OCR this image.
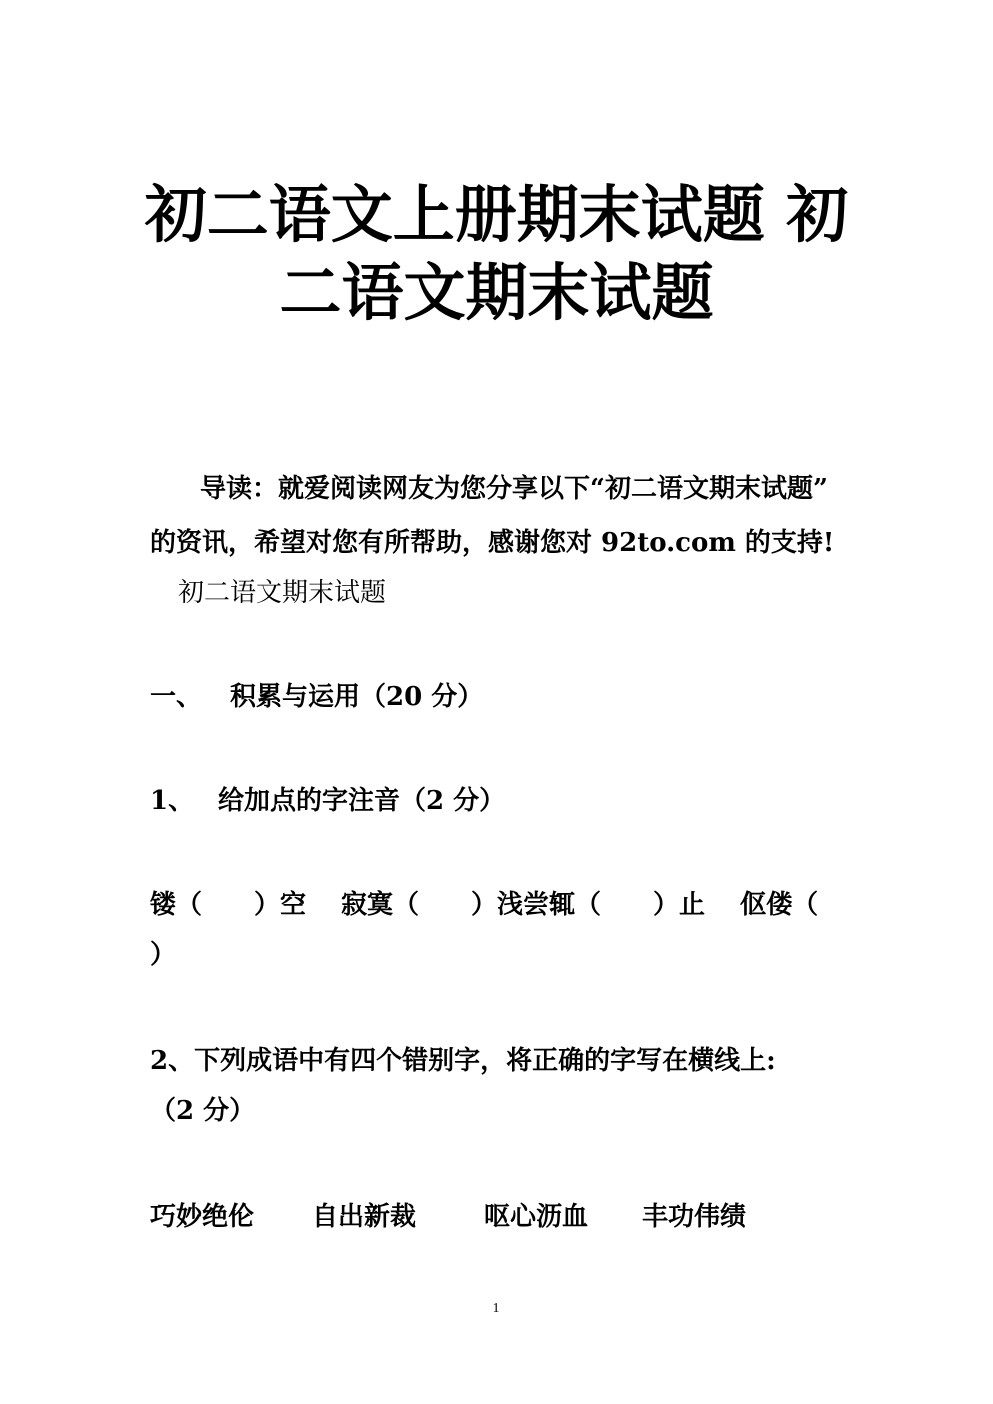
初二语文上册期末试题 初
二语文期末试题
导读：就爱阅读网友为您分享以下“初二语文期末试题”
的资讯，希望对您有所帮助，感谢您对 92to.com 的支持!
初二语文期末试题
一、 积累与运用（20 分）
1、 给加点的字注音（2 分）
镂（　　）空　 寂寞（　　）浅尝辄（　　）止　 伛偻（
）
2、下列成语中有四个错别字，将正确的字写在横线上:
（2 分）
巧妙绝伦 自出新裁	呕心沥血 丰功伟绩
1
